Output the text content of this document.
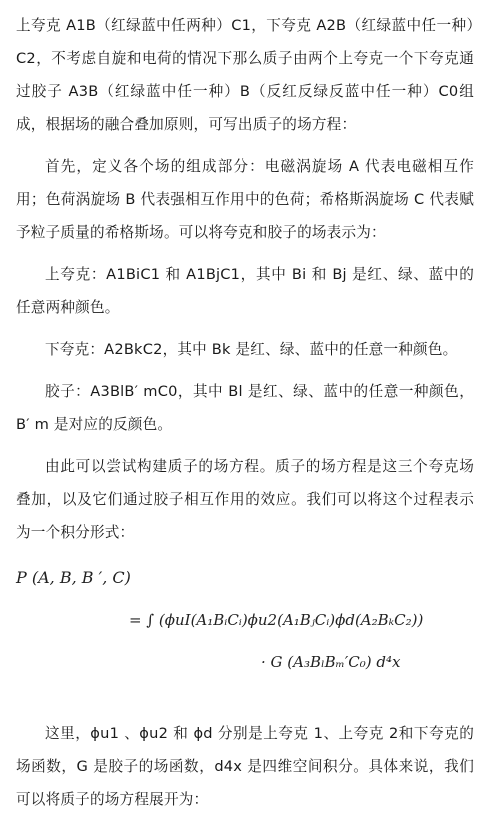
上夸克 A1B（红绿蓝中任两种）C1，下夸克 A2B（红绿蓝中任一种）C2，不考虑自旋和电荷的情况下那么质子由两个上夸克一个下夸克通过胶子 A3B（红绿蓝中任一种）B（反红反绿反蓝中任一种）C0组成，根据场的融合叠加原则，可写出质子的场方程：

首先，定义各个场的组成部分：电磁涡旋场 A 代表电磁相互作用；色荷涡旋场 B 代表强相互作用中的色荷；希格斯涡旋场 C 代表赋予粒子质量的希格斯场。可以将夸克和胶子的场表示为：

上夸克：A1BiC1 和 A1BjC1，其中 Bi 和 Bj 是红、绿、蓝中的任意两种颜色。

下夸克：A2BkC2，其中 Bk 是红、绿、蓝中的任意一种颜色。

胶子：A3BlB′ mC0，其中 Bl 是红、绿、蓝中的任意一种颜色，B′ m 是对应的反颜色。

由此可以尝试构建质子的场方程。质子的场方程是这三个夸克场叠加，以及它们通过胶子相互作用的效应。我们可以将这个过程表示为一个积分形式：

P (A, B, B ′, C)
= ∫ (ϕuI(A₁BᵢCᵢ)ϕu2(A₁BⱼCᵢ)ϕd(A₂BₖC₂))
· G (A₃BₗBₘ′C₀) d⁴x

这里，ϕu1 、ϕu2 和 ϕd 分别是上夸克 1、上夸克 2和下夸克的场函数，G 是胶子的场函数，d4x 是四维空间积分。具体来说，我们可以将质子的场方程展开为：
